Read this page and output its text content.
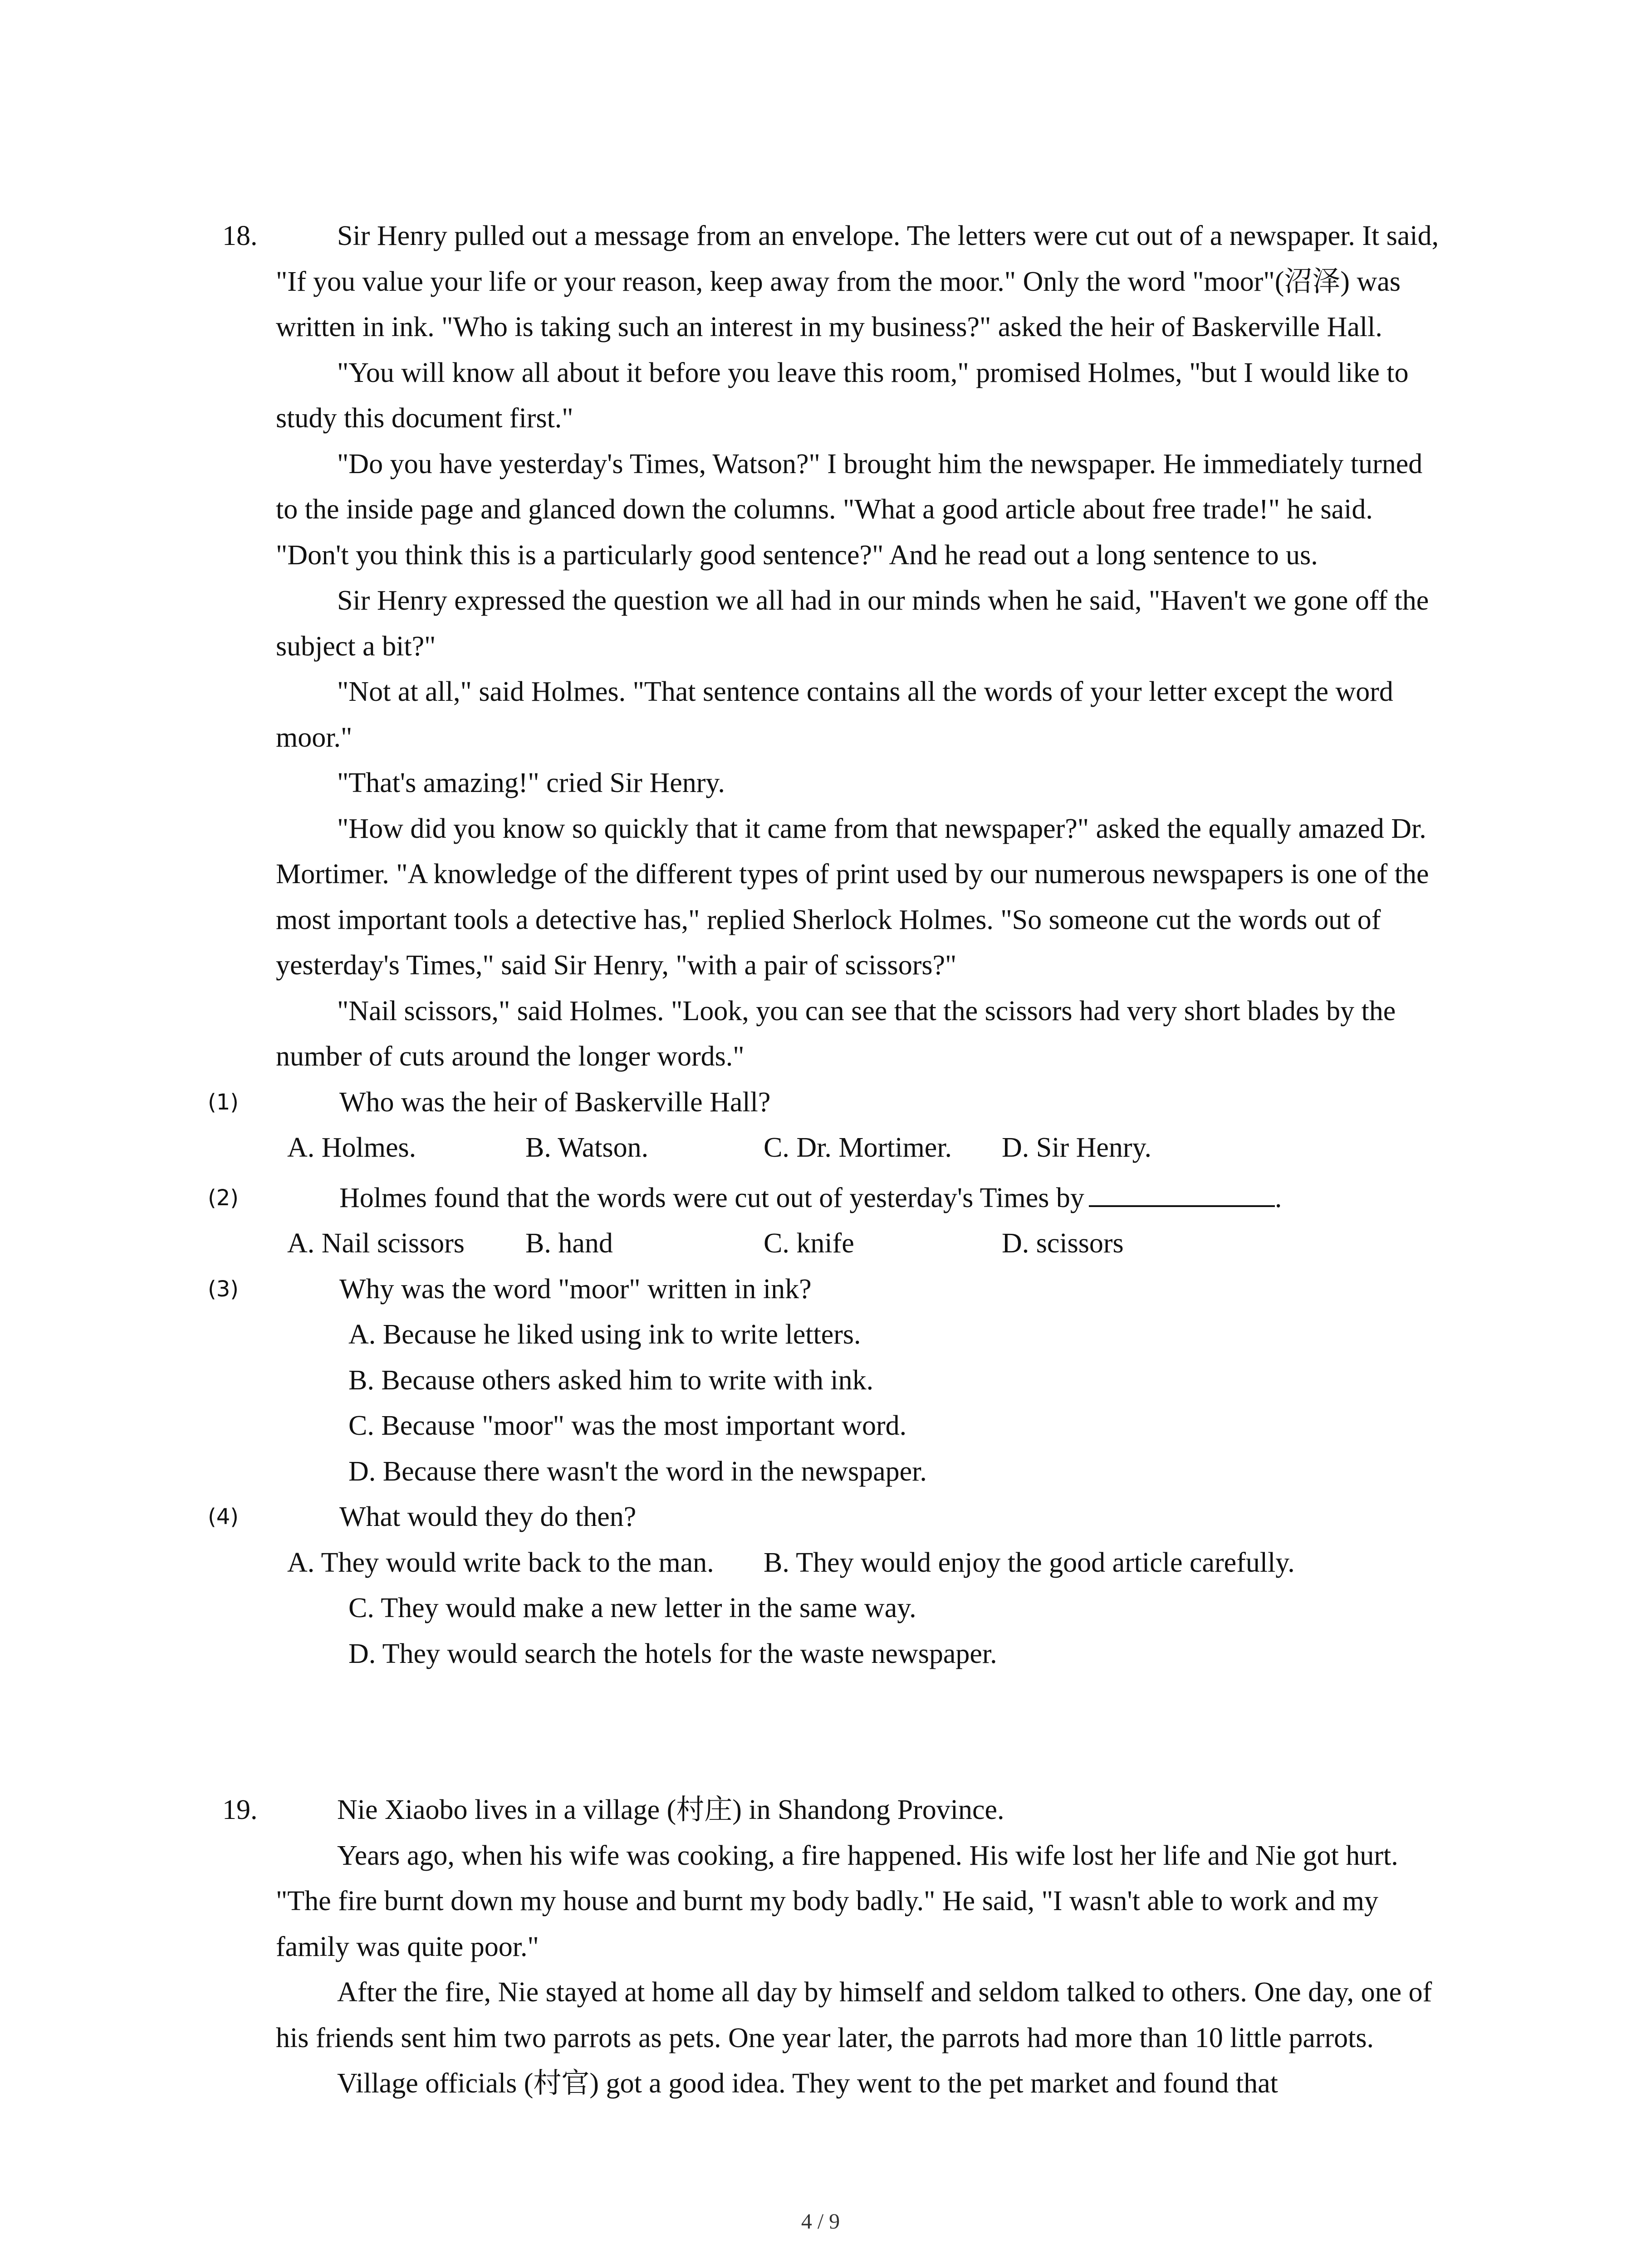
18.	Sir Henry pulled out a message from an envelope. The letters were cut out of a newspaper. It said, "If you value your life or your reason, keep away from the moor." Only the word "moor"(沼泽) was written in ink. "Who is taking such an interest in my business?" asked the heir of Baskerville Hall.

"You will know all about it before you leave this room," promised Holmes, "but I would like to study this document first."

"Do you have yesterday's Times, Watson?" I brought him the newspaper. He immediately turned to the inside page and glanced down the columns. "What a good article about free trade!" he said. "Don't you think this is a particularly good sentence?" And he read out a long sentence to us.

Sir Henry expressed the question we all had in our minds when he said, "Haven't we gone off the subject a bit?"

"Not at all," said Holmes. "That sentence contains all the words of your letter except the word moor."

"That's amazing!" cried Sir Henry.

"How did you know so quickly that it came from that newspaper?" asked the equally amazed Dr. Mortimer. "A knowledge of the different types of print used by our numerous newspapers is one of the most important tools a detective has," replied Sherlock Holmes. "So someone cut the words out of yesterday's Times," said Sir Henry, "with a pair of scissors?"

"Nail scissors," said Holmes. "Look, you can see that the scissors had very short blades by the number of cuts around the longer words."

(1)	Who was the heir of Baskerville Hall?

A. Holmes.	B. Watson.	C. Dr. Mortimer.	D. Sir Henry.
(2)	Holmes found that the words were cut out of yesterday's Times by	.

A. Nail scissors	B. hand	C. knife	D. scissors
(3)	Why was the word "moor" written in ink?

A. Because he liked using ink to write letters.

B. Because others asked him to write with ink.

C. Because "moor" was the most important word.

D. Because there wasn't the word in the newspaper.

(4)	What would they do then?

A. They would write back to the man.	B. They would enjoy the good article carefully.

C. They would make a new letter in the same way.

D. They would search the hotels for the waste newspaper.

19.	Nie Xiaobo lives in a village (村庄) in Shandong Province.

Years ago, when his wife was cooking, a fire happened. His wife lost her life and Nie got hurt. "The fire burnt down my house and burnt my body badly." He said, "I wasn't able to work and my family was quite poor."

After the fire, Nie stayed at home all day by himself and seldom talked to others. One day, one of his friends sent him two parrots as pets. One year later, the parrots had more than 10 little parrots.

Village officials (村官) got a good idea. They went to the pet market and found that

4 / 9
